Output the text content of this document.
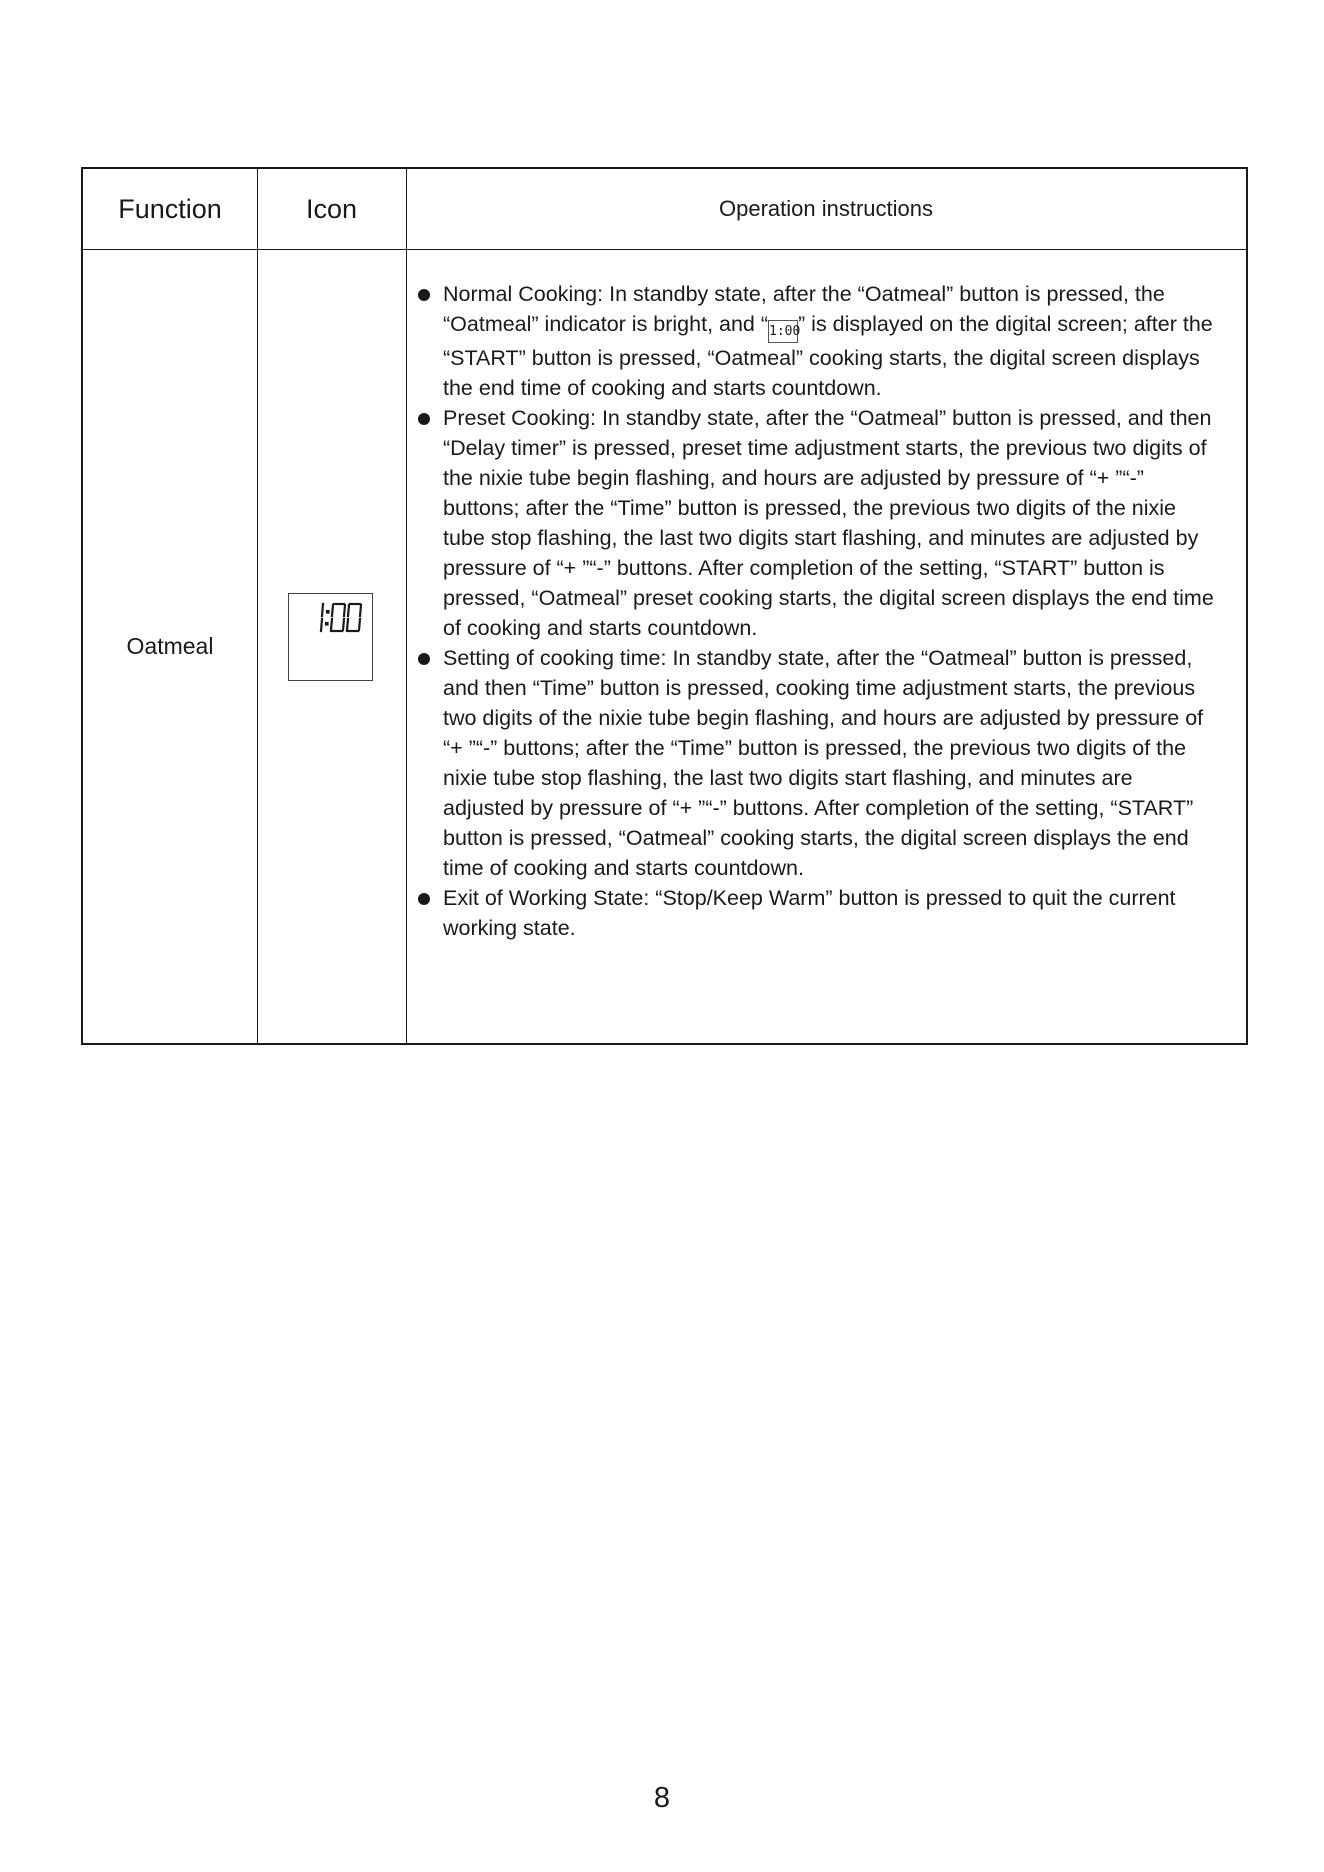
Function	Icon	Operation instructions
Oatmeal
Normal Cooking: In standby state, after the “Oatmeal” button is pressed, the “Oatmeal” indicator is bright, and “1:00” is displayed on the digital screen; after the “START” button is pressed, “Oatmeal” cooking starts, the digital screen displays the end time of cooking and starts countdown.
Preset Cooking: In standby state, after the “Oatmeal” button is pressed, and then “Delay timer” is pressed, preset time adjustment starts, the previous two digits of the nixie tube begin flashing, and hours are adjusted by pressure of “+ ”“-” buttons; after the “Time” button is pressed, the previous two digits of the nixie tube stop flashing, the last two digits start flashing, and minutes are adjusted by pressure of “+ ”“-” buttons. After completion of the setting, “START” button is pressed, “Oatmeal” preset cooking starts, the digital screen displays the end time of cooking and starts countdown.
Setting of cooking time: In standby state, after the “Oatmeal” button is pressed, and then “Time” button is pressed, cooking time adjustment starts, the previous two digits of the nixie tube begin flashing, and hours are adjusted by pressure of “+ ”“-” buttons; after the “Time” button is pressed, the previous two digits of the nixie tube stop flashing, the last two digits start flashing, and minutes are adjusted by pressure of “+ ”“-” buttons. After completion of the setting, “START” button is pressed, “Oatmeal” cooking starts, the digital screen displays the end time of cooking and starts countdown.
Exit of Working State: “Stop/Keep Warm” button is pressed to quit the current working state.
8
